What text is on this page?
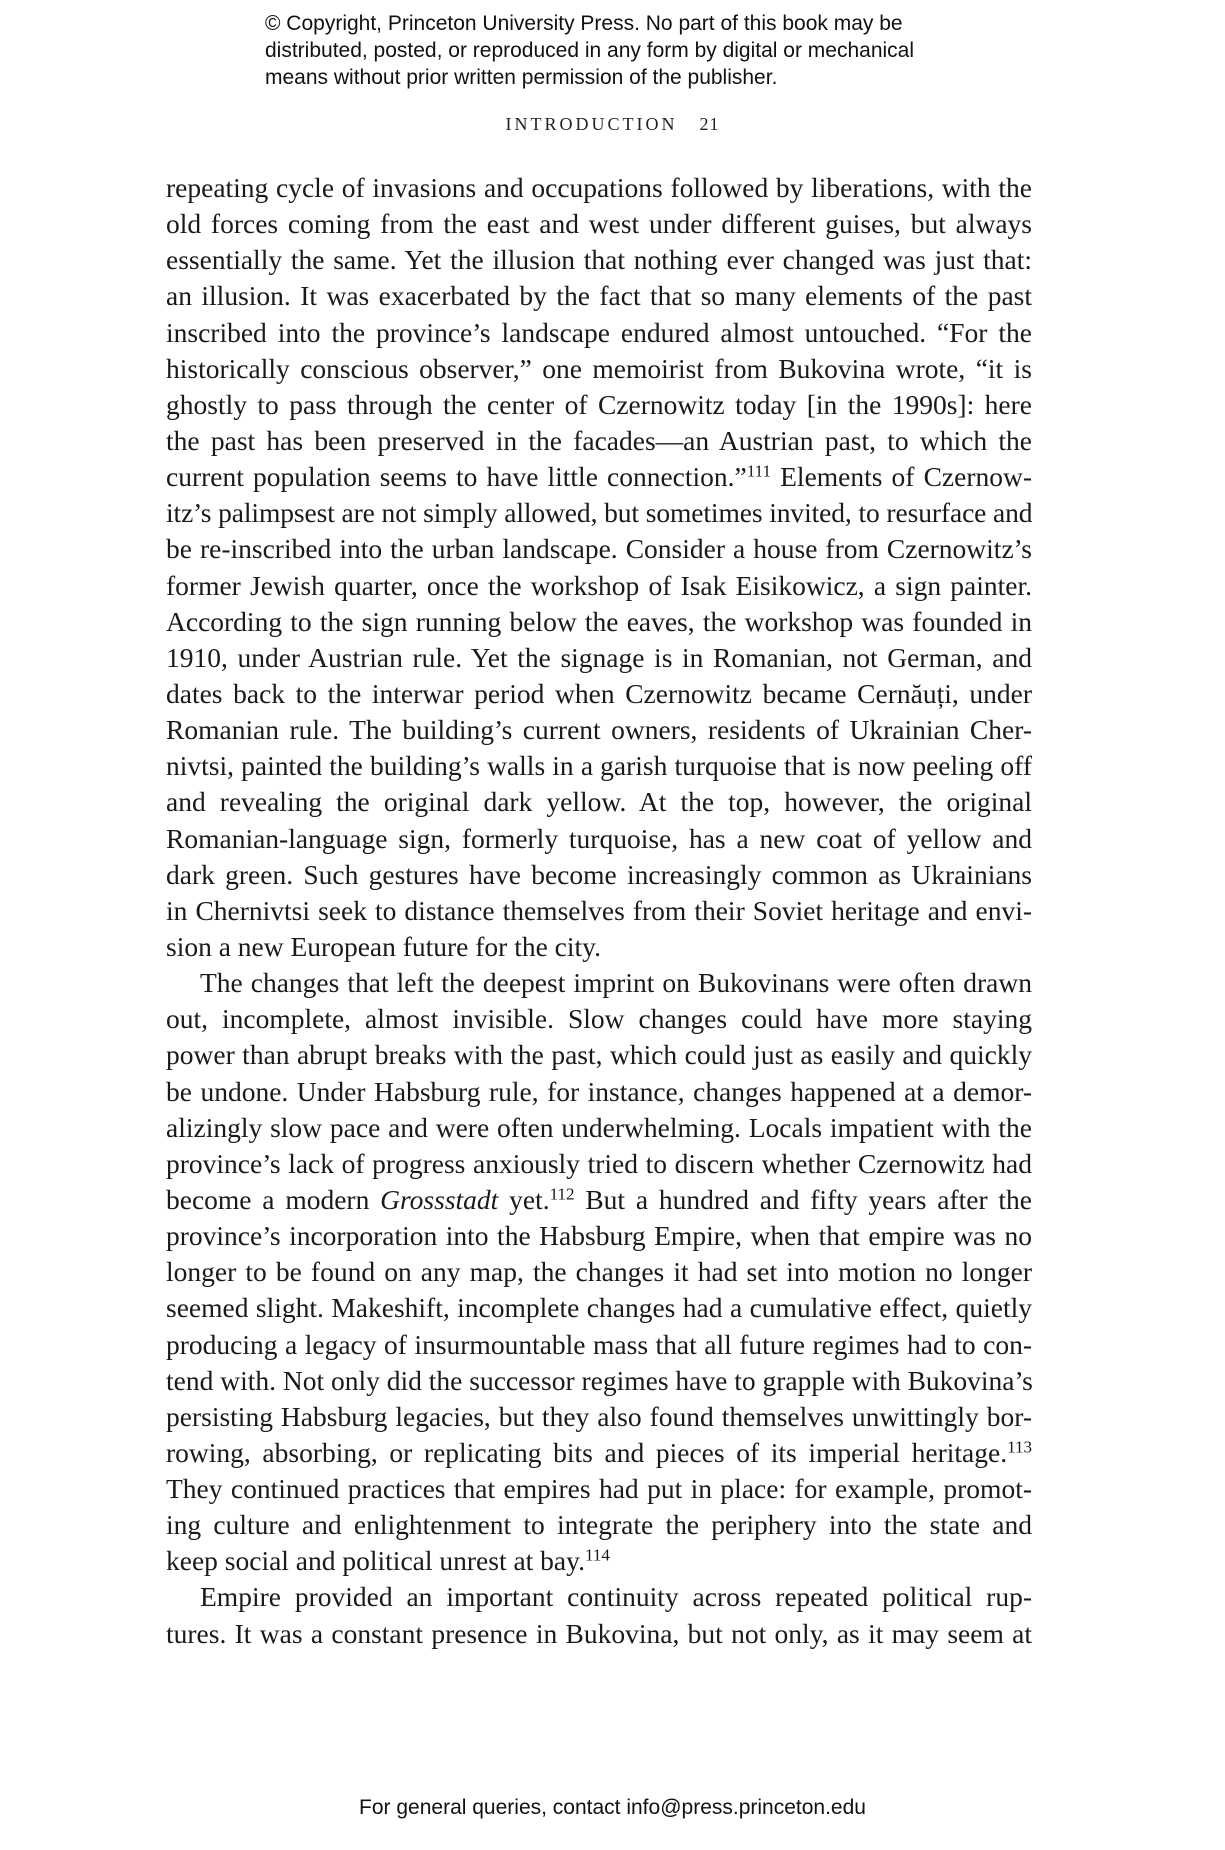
© Copyright, Princeton University Press. No part of this book may be
distributed, posted, or reproduced in any form by digital or mechanical
means without prior written permission of the publisher.
INTRODUCTION 21
repeating cycle of invasions and occupations followed by liberations, with the
old forces coming from the east and west under different guises, but always
essentially the same. Yet the illusion that nothing ever changed was just that:
an illusion. It was exacerbated by the fact that so many elements of the past
inscribed into the province’s landscape endured almost untouched. “For the
historically conscious observer,” one memoirist from Bukovina wrote, “it is
ghostly to pass through the center of Czernowitz today [in the 1990s]: here
the past has been preserved in the facades—an Austrian past, to which the
current population seems to have little connection.”$^{111}$ Elements of Czernow-
itz’s palimpsest are not simply allowed, but sometimes invited, to resurface and
be re-inscribed into the urban landscape. Consider a house from Czernowitz’s
former Jewish quarter, once the workshop of Isak Eisikowicz, a sign painter.
According to the sign running below the eaves, the workshop was founded in
1910, under Austrian rule. Yet the signage is in Romanian, not German, and
dates back to the interwar period when Czernowitz became Cernăuți, under
Romanian rule. The building’s current owners, residents of Ukrainian Cher-
nivtsi, painted the building’s walls in a garish turquoise that is now peeling off
and revealing the original dark yellow. At the top, however, the original
Romanian-language sign, formerly turquoise, has a new coat of yellow and
dark green. Such gestures have become increasingly common as Ukrainians
in Chernivtsi seek to distance themselves from their Soviet heritage and envi-
sion a new European future for the city.
The changes that left the deepest imprint on Bukovinans were often drawn
out, incomplete, almost invisible. Slow changes could have more staying
power than abrupt breaks with the past, which could just as easily and quickly
be undone. Under Habsburg rule, for instance, changes happened at a demor-
alizingly slow pace and were often underwhelming. Locals impatient with the
province’s lack of progress anxiously tried to discern whether Czernowitz had
become a modern Grossstadt yet.$^{112}$ But a hundred and fifty years after the
province’s incorporation into the Habsburg Empire, when that empire was no
longer to be found on any map, the changes it had set into motion no longer
seemed slight. Makeshift, incomplete changes had a cumulative effect, quietly
producing a legacy of insurmountable mass that all future regimes had to con-
tend with. Not only did the successor regimes have to grapple with Bukovina’s
persisting Habsburg legacies, but they also found themselves unwittingly bor-
rowing, absorbing, or replicating bits and pieces of its imperial heritage.$^{113}$
They continued practices that empires had put in place: for example, promot-
ing culture and enlightenment to integrate the periphery into the state and
keep social and political unrest at bay.$^{114}$
Empire provided an important continuity across repeated political rup-
tures. It was a constant presence in Bukovina, but not only, as it may seem at
For general queries, contact info@press.princeton.edu
